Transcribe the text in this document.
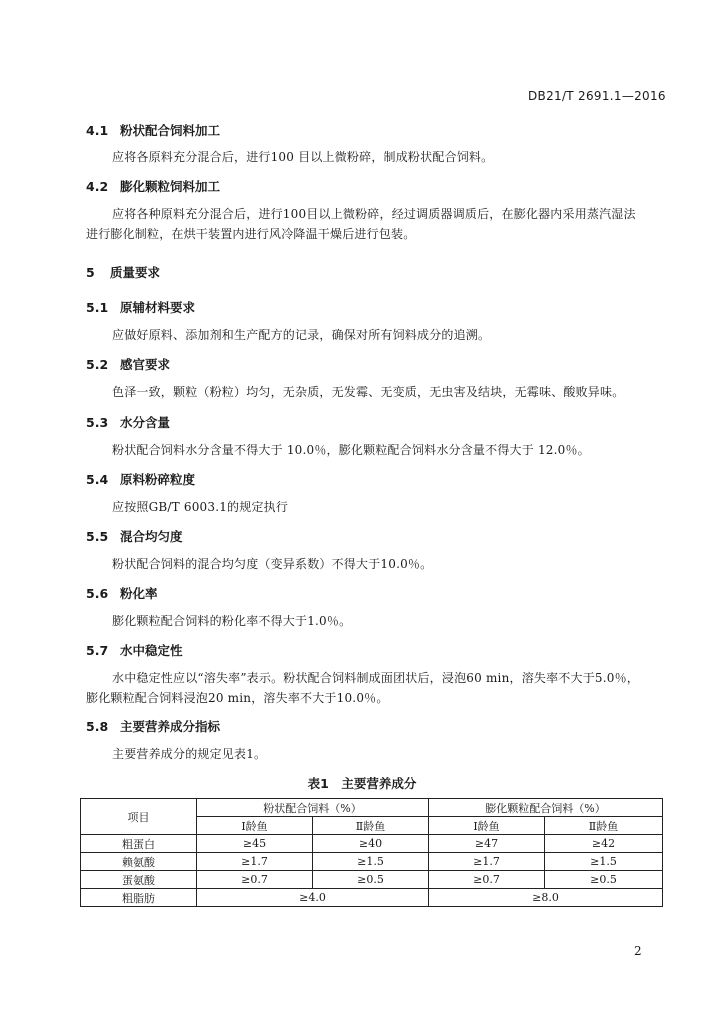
DB21/T 2691.1—2016
4.1 粉状配合饲料加工
应将各原料充分混合后，进行100 目以上微粉碎，制成粉状配合饲料。
4.2 膨化颗粒饲料加工
应将各种原料充分混合后，进行100目以上微粉碎，经过调质器调质后，在膨化器内采用蒸汽湿法
进行膨化制粒，在烘干装置内进行风冷降温干燥后进行包装。
5 质量要求
5.1 原辅材料要求
应做好原料、添加剂和生产配方的记录，确保对所有饲料成分的追溯。
5.2 感官要求
色泽一致，颗粒（粉粒）均匀，无杂质，无发霉、无变质，无虫害及结块，无霉味、酸败异味。
5.3 水分含量
粉状配合饲料水分含量不得大于 10.0％，膨化颗粒配合饲料水分含量不得大于 12.0％。
5.4 原料粉碎粒度
应按照GB/T 6003.1的规定执行
5.5 混合均匀度
粉状配合饲料的混合均匀度（变异系数）不得大于10.0％。
5.6 粉化率
膨化颗粒配合饲料的粉化率不得大于1.0％。
5.7 水中稳定性
水中稳定性应以“溶失率”表示。粉状配合饲料制成面团状后，浸泡60 min，溶失率不大于5.0％，
膨化颗粒配合饲料浸泡20 min，溶失率不大于10.0％。
5.8 主要营养成分指标
主要营养成分的规定见表1。
表1　主要营养成分
项目	粉状配合饲料（%）		膨化颗粒配合饲料（%）	
	Ⅰ龄鱼	Ⅱ龄鱼	Ⅰ龄鱼	Ⅱ龄鱼
粗蛋白	≥45	≥40	≥47	≥42
赖氨酸	≥1.7	≥1.5	≥1.7	≥1.5
蛋氨酸	≥0.7	≥0.5	≥0.7	≥0.5
粗脂肪	≥4.0		≥8.0	
2
